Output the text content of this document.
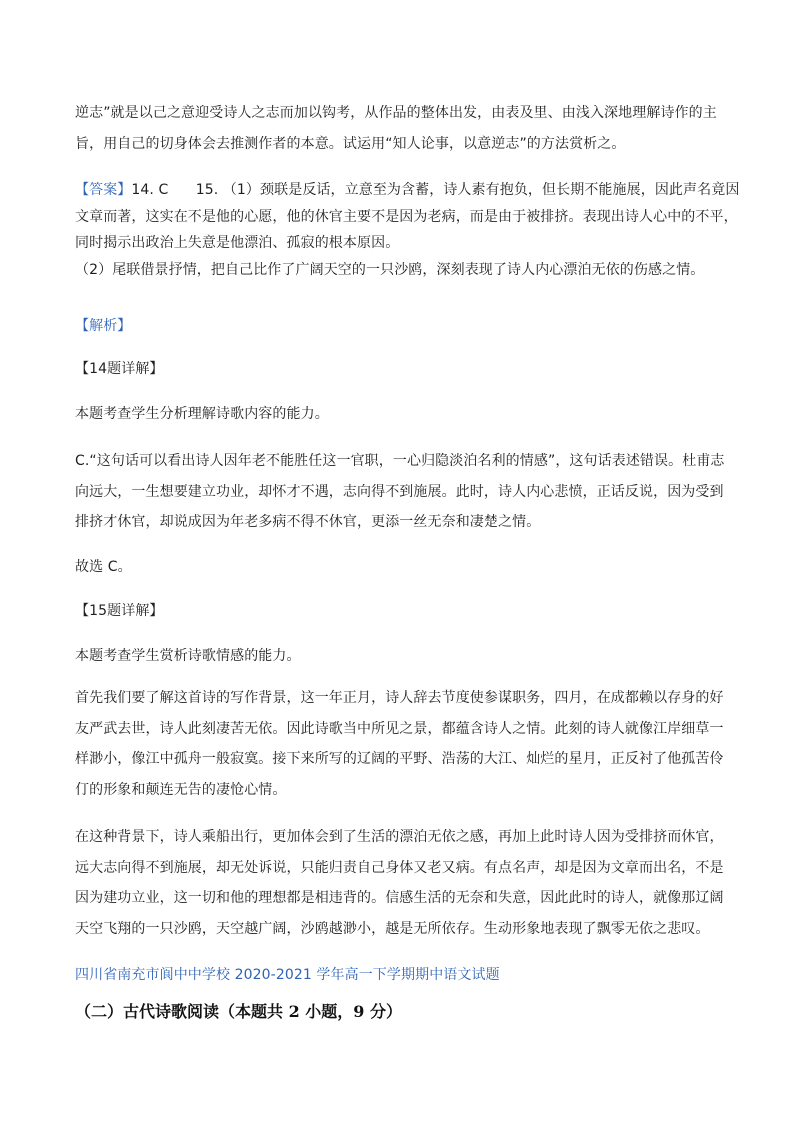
逆志”就是以己之意迎受诗人之志而加以钩考，从作品的整体出发，由表及里、由浅入深地理解诗作的主
旨，用自己的切身体会去推测作者的本意。试运用“知人论事，以意逆志”的方法赏析之。

【答案】14. C      15. （1）颈联是反话，立意至为含蓄，诗人素有抱负，但长期不能施展，因此声名竟因
文章而著，这实在不是他的心愿，他的休官主要不是因为老病，而是由于被排挤。表现出诗人心中的不平，
同时揭示出政治上失意是他漂泊、孤寂的根本原因。
（2）尾联借景抒情，把自己比作了广阔天空的一只沙鸥，深刻表现了诗人内心漂泊无依的伤感之情。

【解析】

【14题详解】

本题考查学生分析理解诗歌内容的能力。

C.“这句话可以看出诗人因年老不能胜任这一官职，一心归隐淡泊名利的情感”，这句话表述错误。杜甫志
向远大，一生想要建立功业，却怀才不遇，志向得不到施展。此时，诗人内心悲愤，正话反说，因为受到
排挤才休官，却说成因为年老多病不得不休官，更添一丝无奈和凄楚之情。

故选 C。

【15题详解】

本题考查学生赏析诗歌情感的能力。

首先我们要了解这首诗的写作背景，这一年正月，诗人辞去节度使参谋职务，四月，在成都赖以存身的好
友严武去世，诗人此刻凄苦无依。因此诗歌当中所见之景，都蕴含诗人之情。此刻的诗人就像江岸细草一
样渺小，像江中孤舟一般寂寞。接下来所写的辽阔的平野、浩荡的大江、灿烂的星月，正反衬了他孤苦伶
仃的形象和颠连无告的凄怆心情。

在这种背景下，诗人乘船出行，更加体会到了生活的漂泊无依之感，再加上此时诗人因为受排挤而休官，
远大志向得不到施展，却无处诉说，只能归责自己身体又老又病。有点名声，却是因为文章而出名，不是
因为建功立业，这一切和他的理想都是相违背的。信感生活的无奈和失意，因此此时的诗人，就像那辽阔
天空飞翔的一只沙鸥，天空越广阔，沙鸥越渺小，越是无所依存。生动形象地表现了飘零无依之悲叹。

四川省南充市阆中中学校 2020-2021 学年高一下学期期中语文试题

（二）古代诗歌阅读（本题共 2 小题，9 分）
